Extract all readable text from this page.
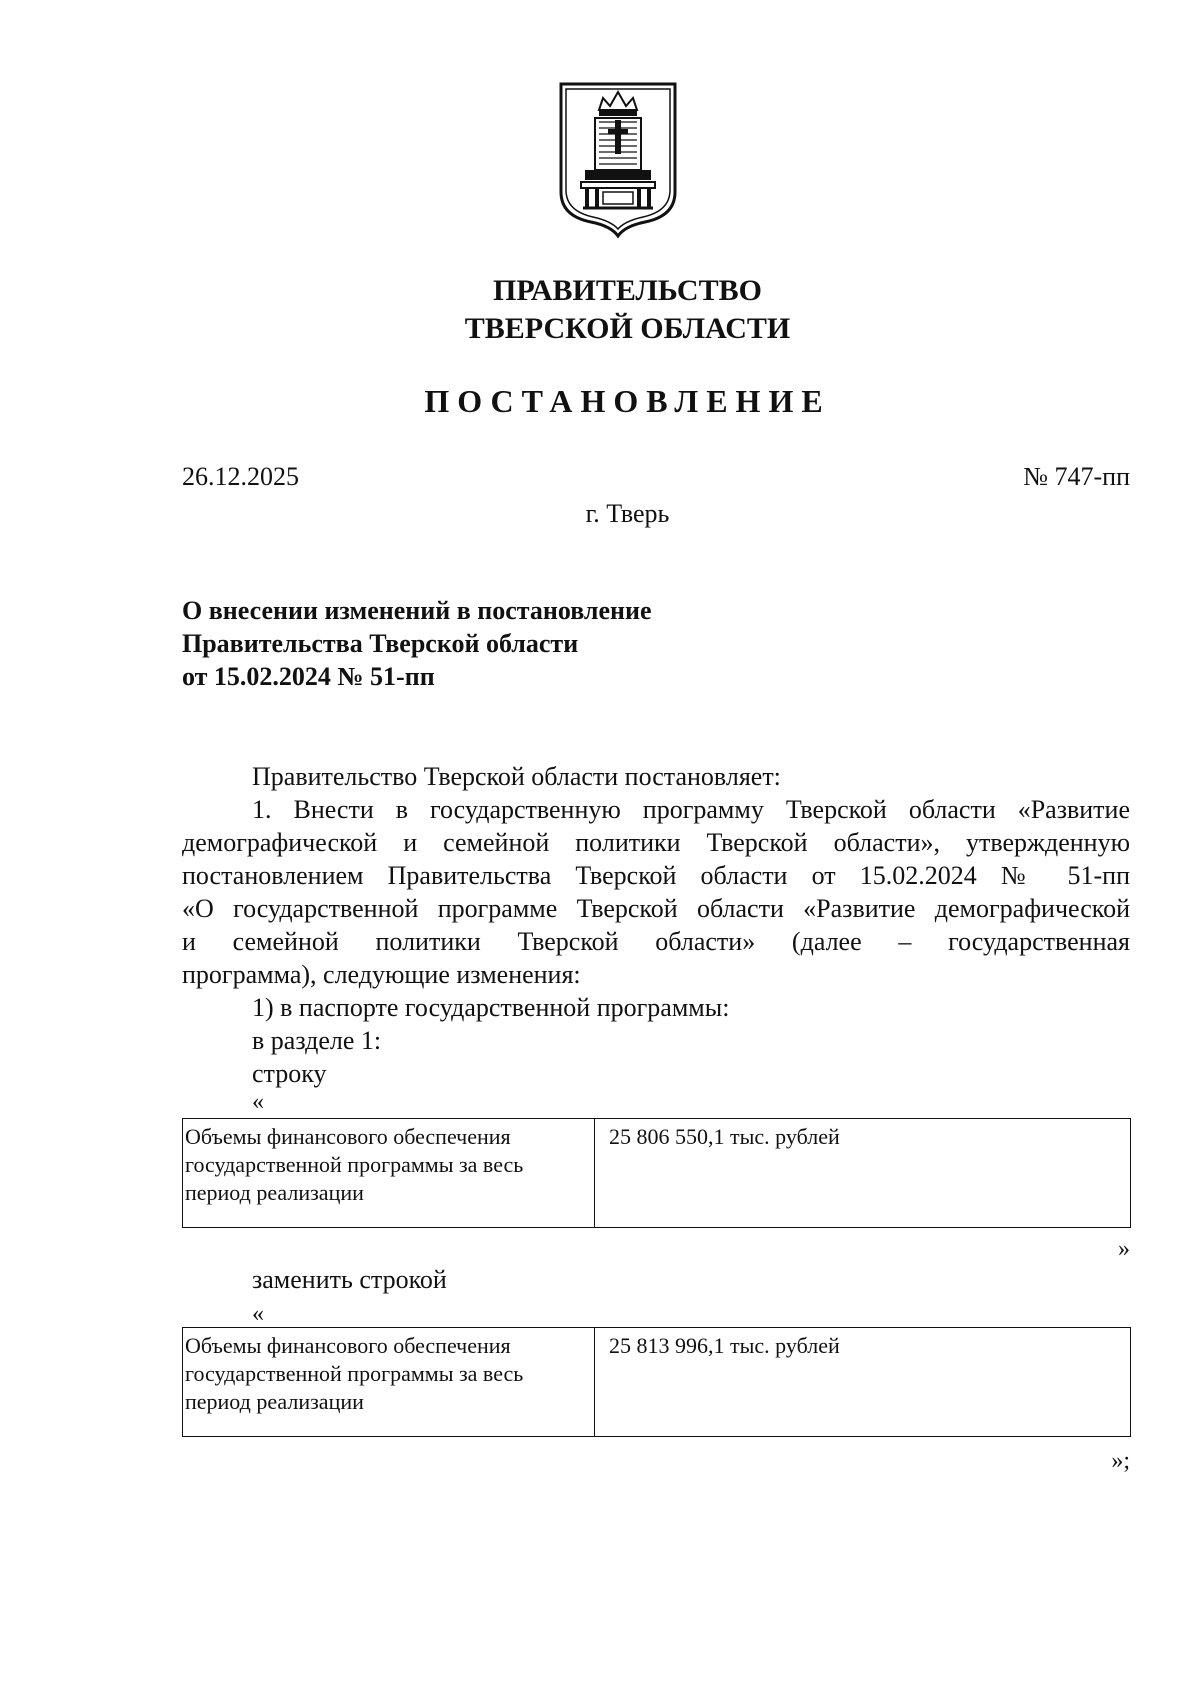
ПРАВИТЕЛЬСТВО
ТВЕРСКОЙ ОБЛАСТИ
ПОСТАНОВЛЕНИЕ
26.12.2025	№ 747-пп
г. Тверь
О внесении изменений в постановление
Правительства Тверской области
от 15.02.2024 № 51-пп
Правительство Тверской области постановляет:
1. Внести в государственную программу Тверской области «Развитие
демографической и семейной политики Тверской области», утвержденную
постановлением Правительства Тверской области от 15.02.2024 № 51-пп
«О государственной программе Тверской области «Развитие демографической
и семейной политики Тверской области» (далее – государственная
программа), следующие изменения:
1) в паспорте государственной программы:
в разделе 1:
строку
«
Объемы финансового обеспечения государственной программы за весь период реализации	25 806 550,1 тыс. рублей
»
заменить строкой
«
Объемы финансового обеспечения государственной программы за весь период реализации	25 813 996,1 тыс. рублей
»;
